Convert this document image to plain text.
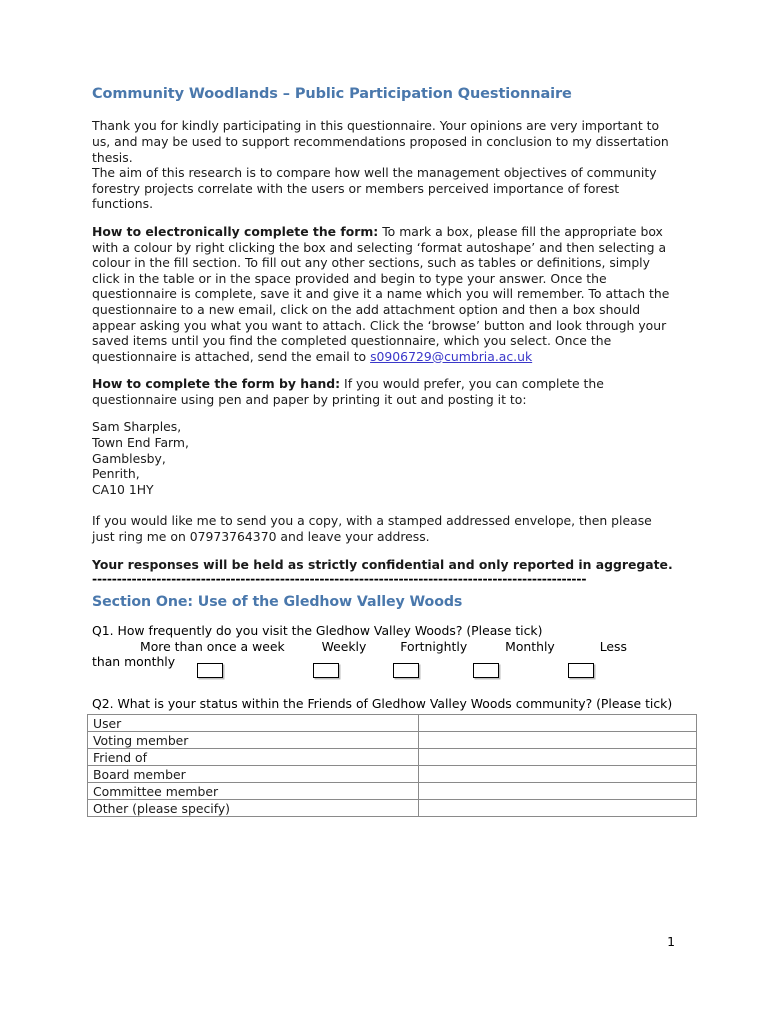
Community Woodlands – Public Participation Questionnaire

Thank you for kindly participating in this questionnaire. Your opinions are very important to us, and may be used to support recommendations proposed in conclusion to my dissertation thesis.

The aim of this research is to compare how well the management objectives of community forestry projects correlate with the users or members perceived importance of forest functions.

How to electronically complete the form: To mark a box, please fill the appropriate box with a colour by right clicking the box and selecting ‘format autoshape’ and then selecting a colour in the fill section. To fill out any other sections, such as tables or definitions, simply click in the table or in the space provided and begin to type your answer. Once the questionnaire is complete, save it and give it a name which you will remember. To attach the questionnaire to a new email, click on the add attachment option and then a box should appear asking you what you want to attach. Click the ‘browse’ button and look through your saved items until you find the completed questionnaire, which you select. Once the questionnaire is attached, send the email to s0906729@cumbria.ac.uk

How to complete the form by hand: If you would prefer, you can complete the questionnaire using pen and paper by printing it out and posting it to:

Sam Sharples,
Town End Farm,
Gamblesby,
Penrith,
CA10 1HY

If you would like me to send you a copy, with a stamped addressed envelope, then please just ring me on 07973764370 and leave your address.

Your responses will be held as strictly confidential and only reported in aggregate.

----------------------------------------------------------------------------------------------------
Section One: Use of the Gledhow Valley Woods

Q1. How frequently do you visit the Gledhow Valley Woods? (Please tick)

More than once a week	Weekly	Fortnightly	Monthly	Less
than monthly

Q2. What is your status within the Friends of Gledhow Valley Woods community? (Please tick)

User	
Voting member	
Friend of	
Board member	
Committee member	
Other (please specify)	
1
